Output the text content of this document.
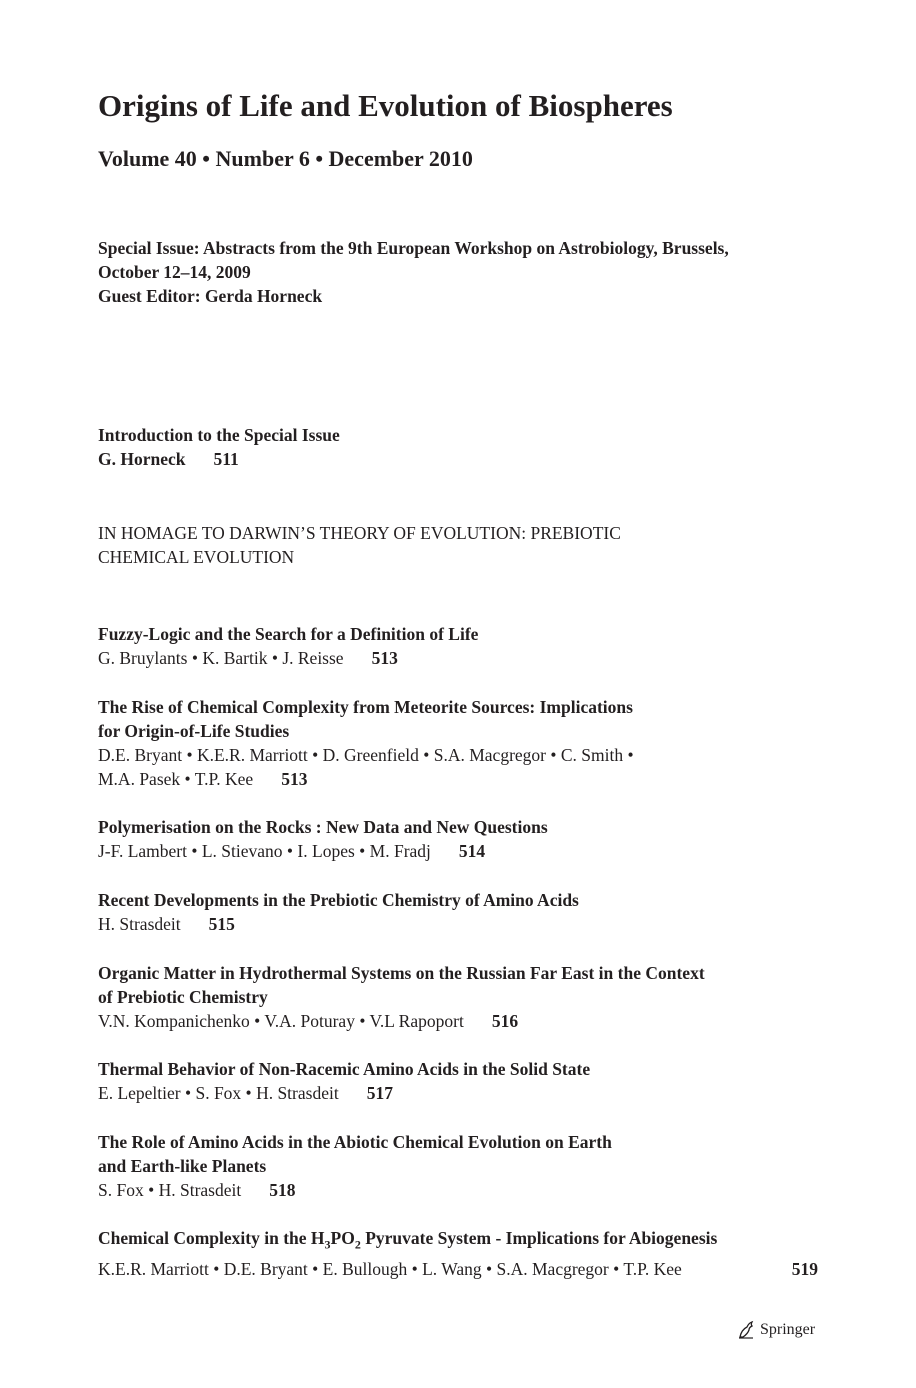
Origins of Life and Evolution of Biospheres
Volume 40 • Number 6 • December 2010
Special Issue: Abstracts from the 9th European Workshop on Astrobiology, Brussels,
October 12–14, 2009
Guest Editor: Gerda Horneck
Introduction to the Special Issue
G. Horneck 511
IN HOMAGE TO DARWIN’S THEORY OF EVOLUTION: PREBIOTIC
CHEMICAL EVOLUTION
Fuzzy-Logic and the Search for a Definition of Life
G. Bruylants • K. Bartik • J. Reisse 513
The Rise of Chemical Complexity from Meteorite Sources: Implications
for Origin-of-Life Studies
D.E. Bryant • K.E.R. Marriott • D. Greenfield • S.A. Macgregor • C. Smith •
M.A. Pasek • T.P. Kee 513
Polymerisation on the Rocks : New Data and New Questions
J-F. Lambert • L. Stievano • I. Lopes • M. Fradj 514
Recent Developments in the Prebiotic Chemistry of Amino Acids
H. Strasdeit 515
Organic Matter in Hydrothermal Systems on the Russian Far East in the Context
of Prebiotic Chemistry
V.N. Kompanichenko • V.A. Poturay • V.L Rapoport 516
Thermal Behavior of Non-Racemic Amino Acids in the Solid State
E. Lepeltier • S. Fox • H. Strasdeit 517
The Role of Amino Acids in the Abiotic Chemical Evolution on Earth
and Earth-like Planets
S. Fox • H. Strasdeit 518
Chemical Complexity in the $H_3PO_2$ Pyruvate System - Implications for Abiogenesis
K.E.R. Marriott • D.E. Bryant • E. Bullough • L. Wang • S.A. Macgregor • T.P. Kee	519
Springer
